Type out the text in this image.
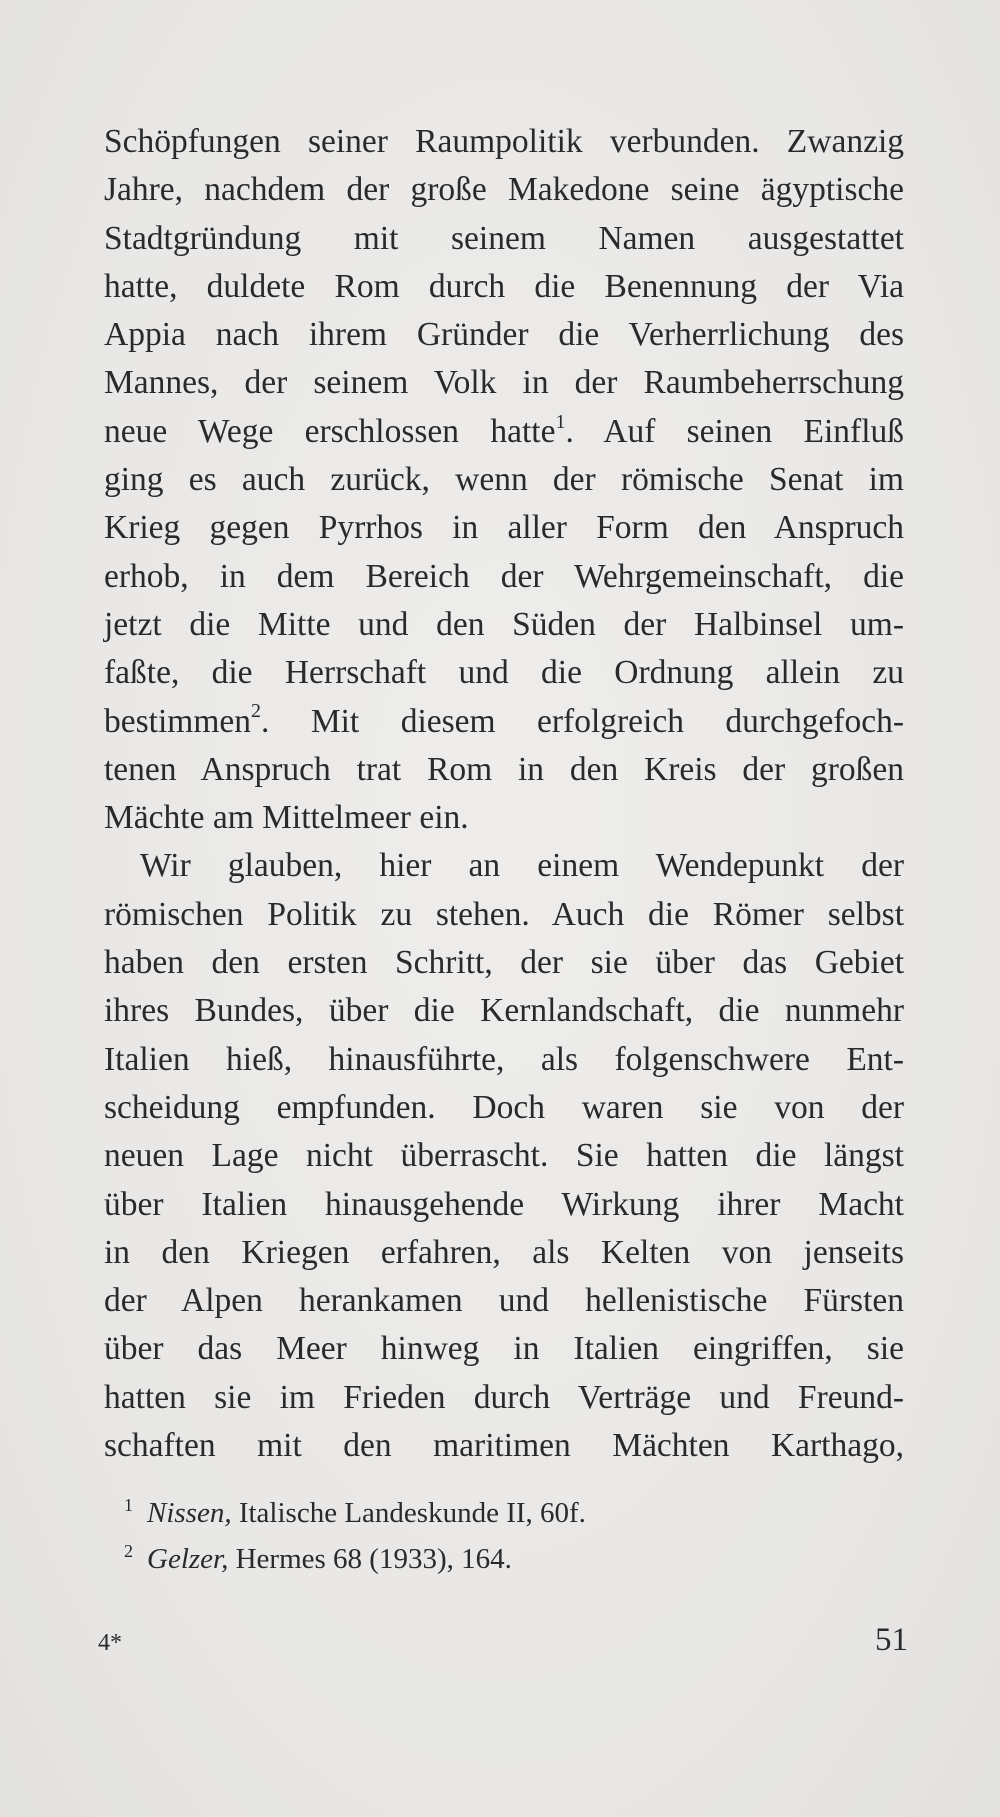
Schöpfungen seiner Raumpolitik verbunden. Zwanzig
Jahre, nachdem der große Makedone seine ägyptische
Stadtgründung mit seinem Namen ausgestattet
hatte, duldete Rom durch die Benennung der Via
Appia nach ihrem Gründer die Verherrlichung des
Mannes, der seinem Volk in der Raumbeherrschung
neue Wege erschlossen hatte$^1$. Auf seinen Einfluß
ging es auch zurück, wenn der römische Senat im
Krieg gegen Pyrrhos in aller Form den Anspruch
erhob, in dem Bereich der Wehrgemeinschaft, die
jetzt die Mitte und den Süden der Halbinsel um-
faßte, die Herrschaft und die Ordnung allein zu
bestimmen$^2$. Mit diesem erfolgreich durchgefoch-
tenen Anspruch trat Rom in den Kreis der großen
Mächte am Mittelmeer ein.
Wir glauben, hier an einem Wendepunkt der
römischen Politik zu stehen. Auch die Römer selbst
haben den ersten Schritt, der sie über das Gebiet
ihres Bundes, über die Kernlandschaft, die nunmehr
Italien hieß, hinausführte, als folgenschwere Ent-
scheidung empfunden. Doch waren sie von der
neuen Lage nicht überrascht. Sie hatten die längst
über Italien hinausgehende Wirkung ihrer Macht
in den Kriegen erfahren, als Kelten von jenseits
der Alpen herankamen und hellenistische Fürsten
über das Meer hinweg in Italien eingriffen, sie
hatten sie im Frieden durch Verträge und Freund-
schaften mit den maritimen Mächten Karthago,
$^1$ Nissen, Italische Landeskunde II, 60f.
$^2$ Gelzer, Hermes 68 (1933), 164.
4*	51
